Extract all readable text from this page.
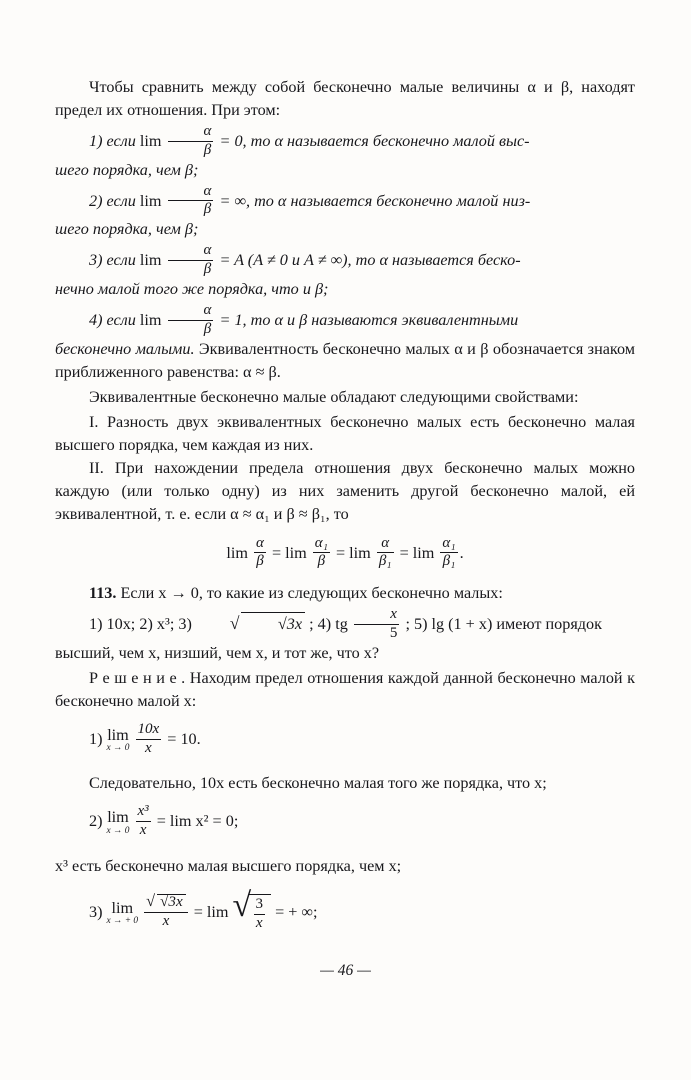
Чтобы сравнить между собой бесконечно малые величины α и β, находят предел их отношения. При этом:

1) если $\lim \frac{\alpha}{\beta} = 0$, то α называется бесконечно малой выс-

шего порядка, чем β;

2) если $\lim \frac{\alpha}{\beta}$ = ∞, то α называется бесконечно малой низ-

шего порядка, чем β;

3) если $\lim \frac{\alpha}{\beta} = A$ (A ≠ 0 и A ≠ ∞), то α называется беско-

нечно малой того же порядка, что и β;

4) если $\lim \frac{\alpha}{\beta} = 1$, то α и β называются эквивалентными

бесконечно малыми. Эквивалентность бесконечно малых α и β обозначается знаком приближенного равенства: α ≈ β.

Эквивалентные бесконечно малые обладают следующими свойствами:

I. Разность двух эквивалентных бесконечно малых есть бесконечно малая высшего порядка, чем каждая из них.

II. При нахождении предела отношения двух бесконечно малых можно каждую (или только одну) из них заменить другой бесконечно малой, ей эквивалентной, т. е. если α ≈ α₁ и β ≈ β₁, то

$\lim \frac{\alpha}{\beta} = \lim \frac{\text{α₁}}{\beta} = \lim \frac{\alpha}{\text{β₁}} = \lim \frac{\text{α₁}}{\text{β₁}}$ .

113. Если x → 0, то какие из следующих бесконечно малых:

1) 10x; 2) x³; 3)	√ √3x ; 4) tg $\frac{x}{5}$ ; 5) lg (1 + x) имеют порядок

высший, чем x, низший, чем x, и тот же, что x?

Р е ш е н и е . Находим предел отношения каждой данной бесконечно малой к бесконечно малой x:

1) lim
x → 0
$\frac{10x}{x} = 10$.

Следовательно, 10x есть бесконечно малая того же порядка, что x;

2) lim
x → 0
$\frac{\text{x³}}{x} = \lim x^2 = 0$;

x³ есть бесконечно малая высшего порядка, чем x;

3) lim
x → + 0
√ $\frac{√3x}{x} = \lim$ √ $\frac{3}{x}$ = + ∞;
— 46 —
